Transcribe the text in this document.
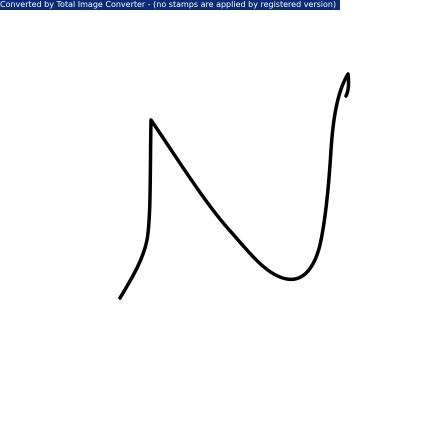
Converted by Total Image Converter - (no stamps are applied by registered version)
